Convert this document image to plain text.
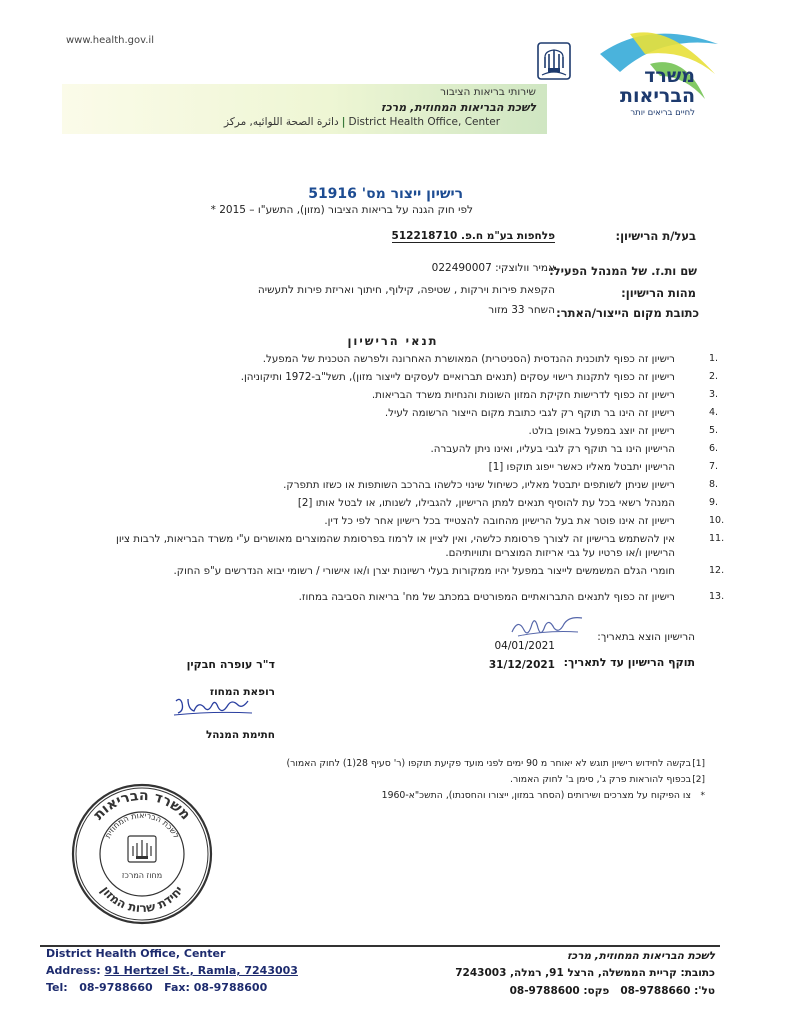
www.health.gov.il
משרד
הבריאות
לחיים בריאים יותר
שירותי בריאות הציבור
לשכת הבריאות המחוזית, מרכז
دائرة الصحة اللوائيه, مركز | District Health Office, Center
רישיון ייצור מס' 51916
לפי חוק הגנה על בריאות הציבור (מזון), התשע"ו – 2015 *
בעל/ת הרישיון:
פלחפות בע"מ ח.פ. 512218710
שם ות.ז. של המנהל הפעיל:
אמיר וולוצקי: 022490007
מהות הרישיון:
הקפאת פירות וירקות , שטיפה, קילוף, חיתוך ואריזת פירות לתעשיה
כתובת מקום הייצור/האתר:
השחר 33 מזור
תנאי הרישיון
1.
רישיון זה כפוף לתוכנית ההנדסית (הסניטרית) המאושרת האחרונה ולפרשה הטכנית של המפעל.
2.
רישיון זה כפוף לתקנות רישוי עסקים (תנאים תברואיים לעסקים לייצור מזון), תשל"ב-1972 ותיקוניהן.
3.
רישיון זה כפוף לדרישות חקיקת המזון השונות והנחיות משרד הבריאות.
4.
רישיון זה הינו בר תוקף רק לגבי כתובת מקום הייצור הרשומה לעיל.
5.
רישיון זה יוצג במפעל באופן בולט.
6.
הרישיון הינו בר תוקף רק לגבי בעליו, ואינו ניתן להעברה.
7.
הרישיון יתבטל מאליו כאשר ייפוג תוקפו [1]
8.
רישיון שניתן לשותפים יתבטל מאליו, כשיחול שינוי כלשהו בהרכב השותפות או כשזו תתפרק.
9.
המנהל רשאי בכל עת להוסיף תנאים למתן הרישיון, להגבילו, לשנותו, או לבטל אותו [2]
10.
רישיון זה אינו פוטר את בעל הרישיון מהחובה להצטייד בכל רישיון אחר לפי כל דין.
11.
אין להשתמש ברישיון זה לצורך פרסומת כלשהי, ואין לציין או לרמוז בפרסומת שהמוצרים מאושרים ע"י משרד הבריאות, לרבות ציון הרישיון ו/או פרטיו על גבי אריזות המוצרים ותוויותיהם.
12.
חומרי הגלם המשמשים לייצור במפעל יהיו ממקורות בעלי רשיונות יצרן ו/או אישורי / רשומי יבוא הנדרשים ע"פ החוק.
13.
רישיון זה כפוף לתנאים התברואתיים המפורטים במכתב של מח' בריאות הסביבה במחוז.
הרישיון הוצא בתאריך:
04/01/2021
תוקף הרישיון עד לתאריך:
31/12/2021
ד"ר עופרה חבקין
רופאת המחוז
חתימת המנהל
[1]
בקשה לחידוש רישיון תוגש לא יאוחר מ 90 ימים לפני מועד פקיעת תוקפו (ר' סעיף 28(1) לחוק האמור)
[2]
בכפוף להוראות פרק ג', סימן ב' לחוק האמור.
*
צו הפיקוח על מצרכים ושירותים (הסחר במזון, ייצורו והחסנתו), התשכ"א-1960
משרד הבריאות
יחידת שרות המזון
לשכת הבריאות המחוזית
מחוז המרכז
District Health Office, Center
Address: 91 Hertzel St., Ramla, 7243003
Tel: 08-9788660 Fax: 08-9788600
לשכת הבריאות המחוזית, מרכז
כתובת: קריית הממשלה, הרצל 91, רמלה, 7243003
טל': 08-9788660   פקס: 08-9788600
